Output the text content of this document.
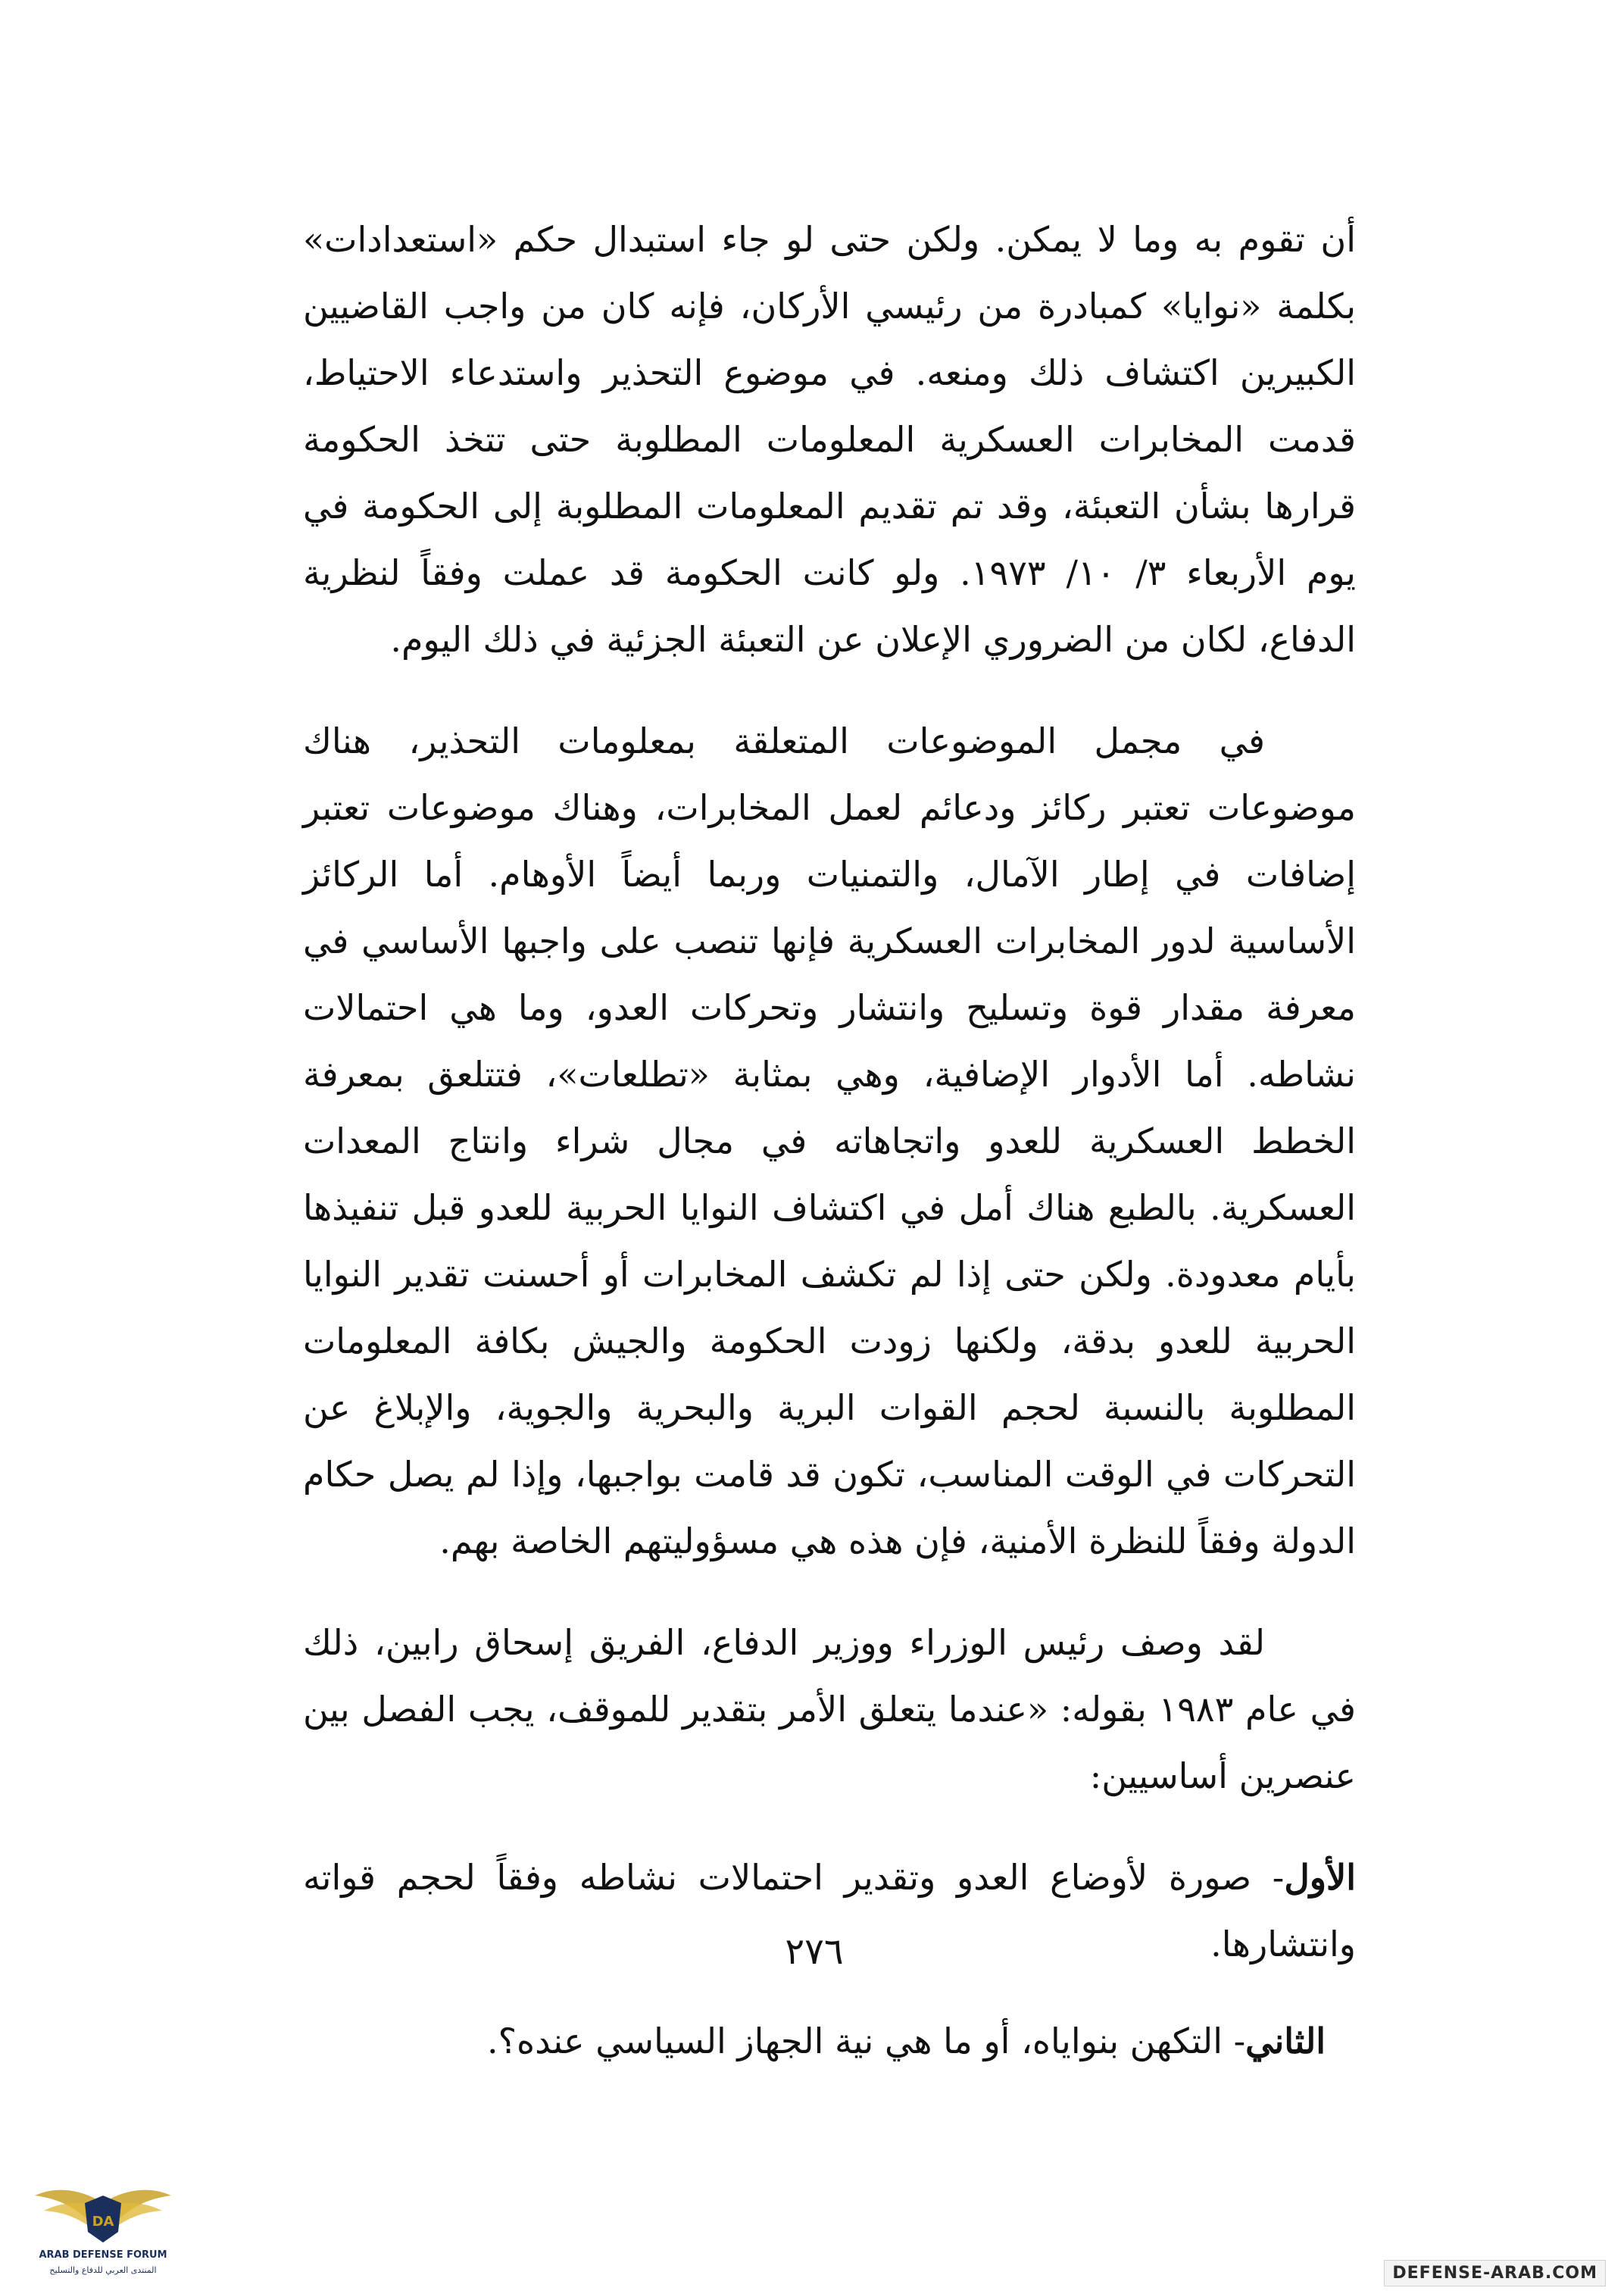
أن تقوم به وما لا يمكن. ولكن حتى لو جاء استبدال حكم «استعدادات» بكلمة «نوايا» كمبادرة من رئيسي الأركان، فإنه كان من واجب القاضيين الكبيرين اكتشاف ذلك ومنعه. في موضوع التحذير واستدعاء الاحتياط، قدمت المخابرات العسكرية المعلومات المطلوبة حتى تتخذ الحكومة قرارها بشأن التعبئة، وقد تم تقديم المعلومات المطلوبة إلى الحكومة في يوم الأربعاء ٣/ ١٠/ ١٩٧٣. ولو كانت الحكومة قد عملت وفقاً لنظرية الدفاع، لكان من الضروري الإعلان عن التعبئة الجزئية في ذلك اليوم.

في مجمل الموضوعات المتعلقة بمعلومات التحذير، هناك موضوعات تعتبر ركائز ودعائم لعمل المخابرات، وهناك موضوعات تعتبر إضافات في إطار الآمال، والتمنيات وربما أيضاً الأوهام. أما الركائز الأساسية لدور المخابرات العسكرية فإنها تنصب على واجبها الأساسي في معرفة مقدار قوة وتسليح وانتشار وتحركات العدو، وما هي احتمالات نشاطه. أما الأدوار الإضافية، وهي بمثابة «تطلعات»، فتتلعق بمعرفة الخطط العسكرية للعدو واتجاهاته في مجال شراء وانتاج المعدات العسكرية. بالطبع هناك أمل في اكتشاف النوايا الحربية للعدو قبل تنفيذها بأيام معدودة. ولكن حتى إذا لم تكشف المخابرات أو أحسنت تقدير النوايا الحربية للعدو بدقة، ولكنها زودت الحكومة والجيش بكافة المعلومات المطلوبة بالنسبة لحجم القوات البرية والبحرية والجوية، والإبلاغ عن التحركات في الوقت المناسب، تكون قد قامت بواجبها، وإذا لم يصل حكام الدولة وفقاً للنظرة الأمنية، فإن هذه هي مسؤوليتهم الخاصة بهم.

لقد وصف رئيس الوزراء ووزير الدفاع، الفريق إسحاق رابين، ذلك في عام ١٩٨٣ بقوله: «عندما يتعلق الأمر بتقدير للموقف، يجب الفصل بين عنصرين أساسيين:

الأول- صورة لأوضاع العدو وتقدير احتمالات نشاطه وفقاً لحجم قواته وانتشارها.

الثاني- التكهن بنواياه، أو ما هي نية الجهاز السياسي عنده؟.

٢٧٦
DA
ARAB DEFENSE FORUM
المنتدى العربي للدفاع والتسليح	DEFENSE-ARAB.COM
